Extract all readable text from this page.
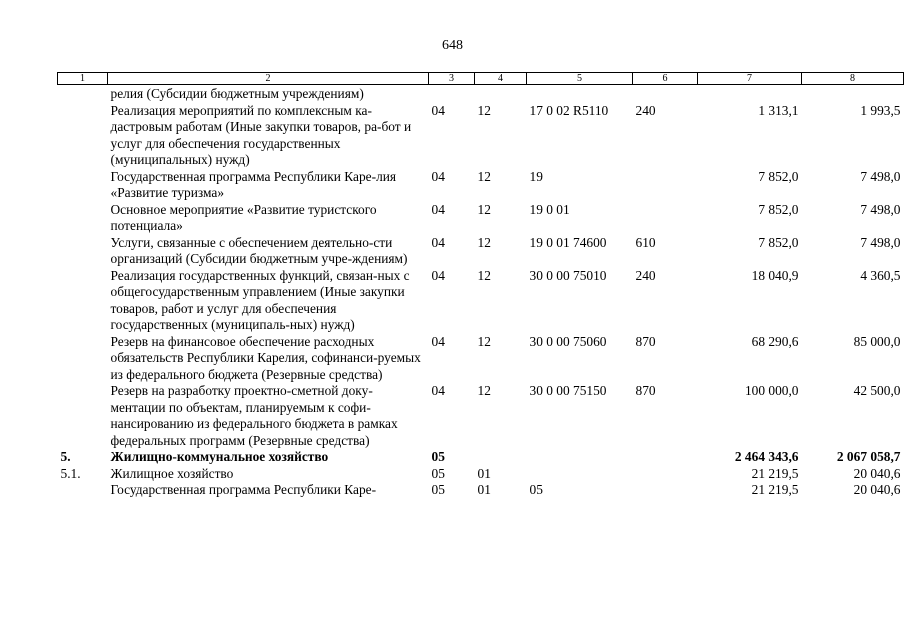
648
1	2	3	4	5	6	7	8
	релия (Субсидии бюджетным учреждениям)						
	Реализация мероприятий по комплексным ка-дастровым работам (Иные закупки товаров, ра-бот и услуг для обеспечения государственных (муниципальных) нужд)	04	12	17 0 02 R5110	240	1 313,1	1 993,5
	Государственная программа Республики Каре-лия «Развитие туризма»	04	12	19		7 852,0	7 498,0
	Основное мероприятие «Развитие туристского потенциала»	04	12	19 0 01		7 852,0	7 498,0
	Услуги, связанные с обеспечением деятельно-сти организаций (Субсидии бюджетным учре-ждениям)	04	12	19 0 01 74600	610	7 852,0	7 498,0
	Реализация государственных функций, связан-ных с общегосударственным управлением (Иные закупки товаров, работ и услуг для обеспечения государственных (муниципаль-ных) нужд)	04	12	30 0 00 75010	240	18 040,9	4 360,5
	Резерв на финансовое обеспечение расходных обязательств Республики Карелия, софинанси-руемых из федерального бюджета (Резервные средства)	04	12	30 0 00 75060	870	68 290,6	85 000,0
	Резерв на разработку проектно-сметной доку-ментации по объектам, планируемым к софи-нансированию из федерального бюджета в рамках федеральных программ (Резервные средства)	04	12	30 0 00 75150	870	100 000,0	42 500,0
5.	Жилищно-коммунальное хозяйство	05				2 464 343,6	2 067 058,7
5.1.	Жилищное хозяйство	05	01			21 219,5	20 040,6
	Государственная программа Республики Каре-	05	01	05		21 219,5	20 040,6
